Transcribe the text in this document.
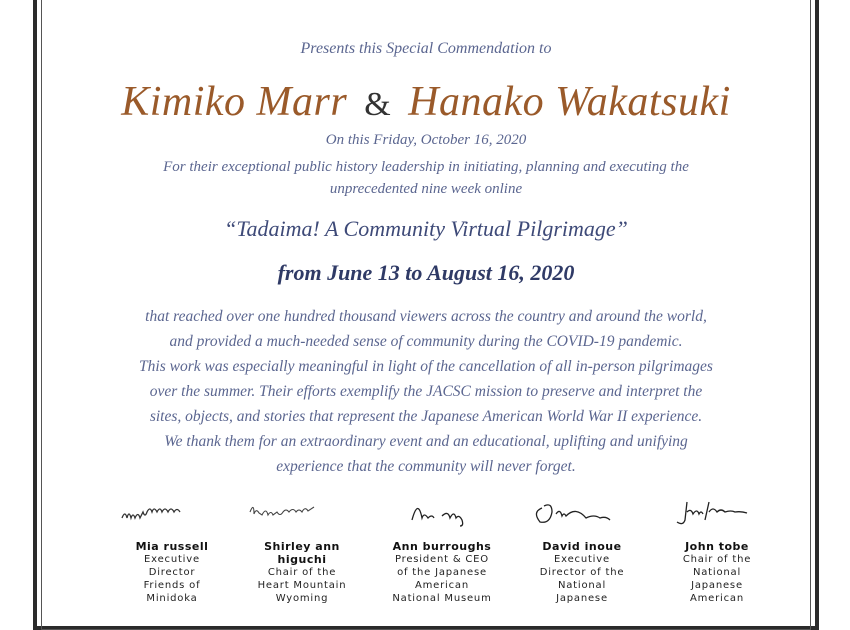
Presents this Special Commendation to
Kimiko Marr & Hanako Wakatsuki
On this Friday, October 16, 2020
For their exceptional public history leadership in initiating, planning and executing the
unprecedented nine week online
“Tadaima! A Community Virtual Pilgrimage”
from June 13 to August 16, 2020
that reached over one hundred thousand viewers across the country and around the world,
and provided a much-needed sense of community during the COVID-19 pandemic.
This work was especially meaningful in light of the cancellation of all in-person pilgrimages
over the summer. Their efforts exemplify the JACSC mission to preserve and interpret the
sites, objects, and stories that represent the Japanese American World War II experience.
We thank them for an extraordinary event and an educational, uplifting and unifying
experience that the community will never forget.
Mia russell
Executive
Director
Friends of
Minidoka
Shirley ann
higuchi
Chair of the
Heart Mountain
Wyoming
Ann burroughs
President & CEO
of the Japanese
American
National Museum
David inoue
Executive
Director of the
National
Japanese
John tobe
Chair of the
National
Japanese
American
